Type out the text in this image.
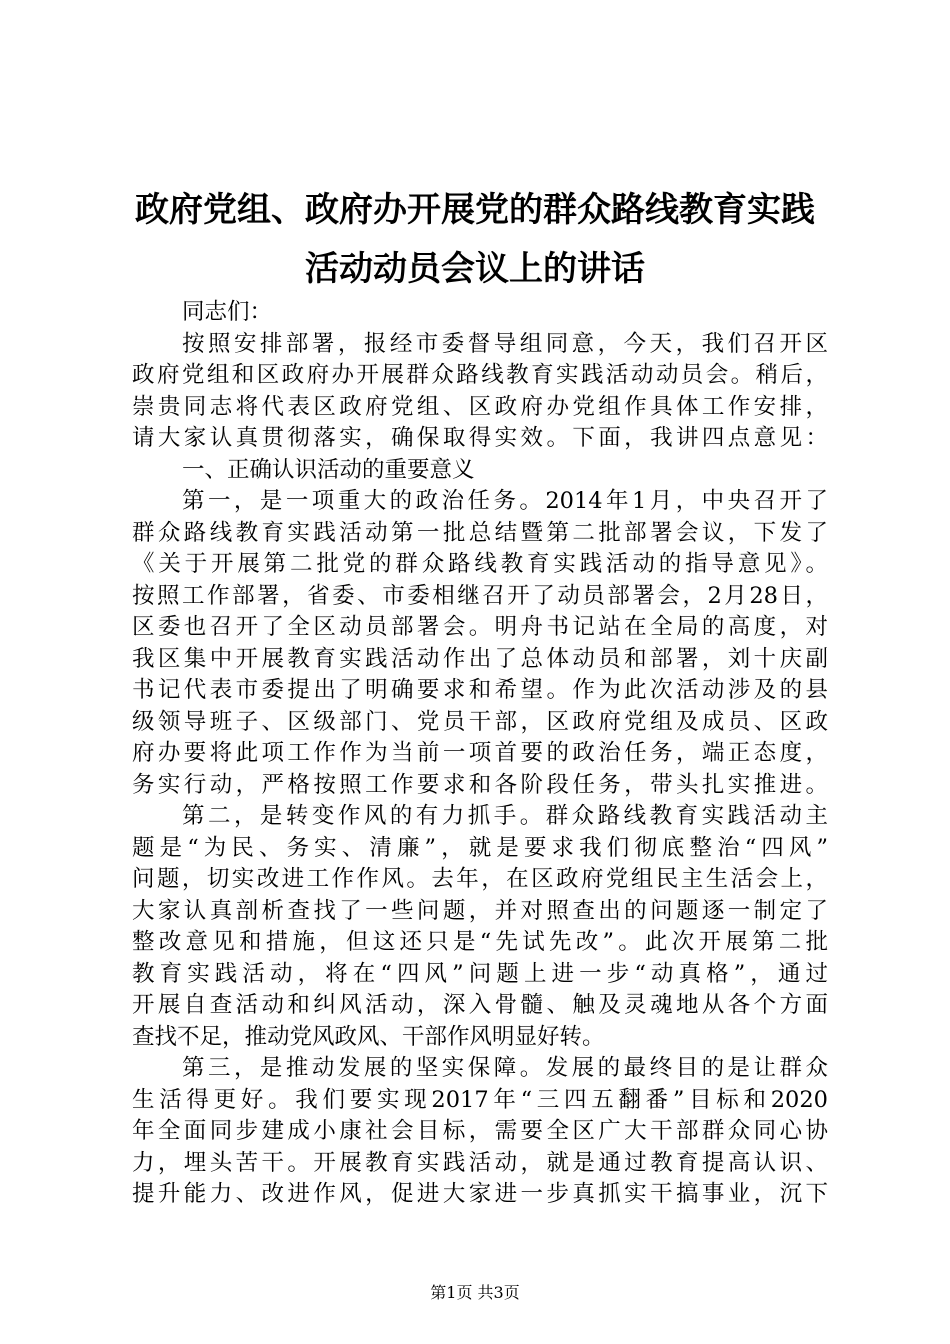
政府党组、政府办开展党的群众路线教育实践
活动动员会议上的讲话
同志们：
按照安排部署，报经市委督导组同意，今天，我们召开区
政府党组和区政府办开展群众路线教育实践活动动员会。稍后，
崇贵同志将代表区政府党组、区政府办党组作具体工作安排，
请大家认真贯彻落实，确保取得实效。下面，我讲四点意见：
一、正确认识活动的重要意义
第一，是一项重大的政治任务。2014年1月，中央召开了
群众路线教育实践活动第一批总结暨第二批部署会议，下发了
《关于开展第二批党的群众路线教育实践活动的指导意见》。
按照工作部署，省委、市委相继召开了动员部署会，2月28日，
区委也召开了全区动员部署会。明舟书记站在全局的高度，对
我区集中开展教育实践活动作出了总体动员和部署，刘十庆副
书记代表市委提出了明确要求和希望。作为此次活动涉及的县
级领导班子、区级部门、党员干部，区政府党组及成员、区政
府办要将此项工作作为当前一项首要的政治任务，端正态度，
务实行动，严格按照工作要求和各阶段任务，带头扎实推进。
第二，是转变作风的有力抓手。群众路线教育实践活动主
题是“为民、务实、清廉”，就是要求我们彻底整治“四风”
问题，切实改进工作作风。去年，在区政府党组民主生活会上，
大家认真剖析查找了一些问题，并对照查出的问题逐一制定了
整改意见和措施，但这还只是“先试先改”。此次开展第二批
教育实践活动，将在“四风”问题上进一步“动真格”，通过
开展自查活动和纠风活动，深入骨髓、触及灵魂地从各个方面
查找不足，推动党风政风、干部作风明显好转。
第三，是推动发展的坚实保障。发展的最终目的是让群众
生活得更好。我们要实现2017年“三四五翻番”目标和2020
年全面同步建成小康社会目标，需要全区广大干部群众同心协
力，埋头苦干。开展教育实践活动，就是通过教育提高认识、
提升能力、改进作风，促进大家进一步真抓实干搞事业，沉下
第1页 共3页
